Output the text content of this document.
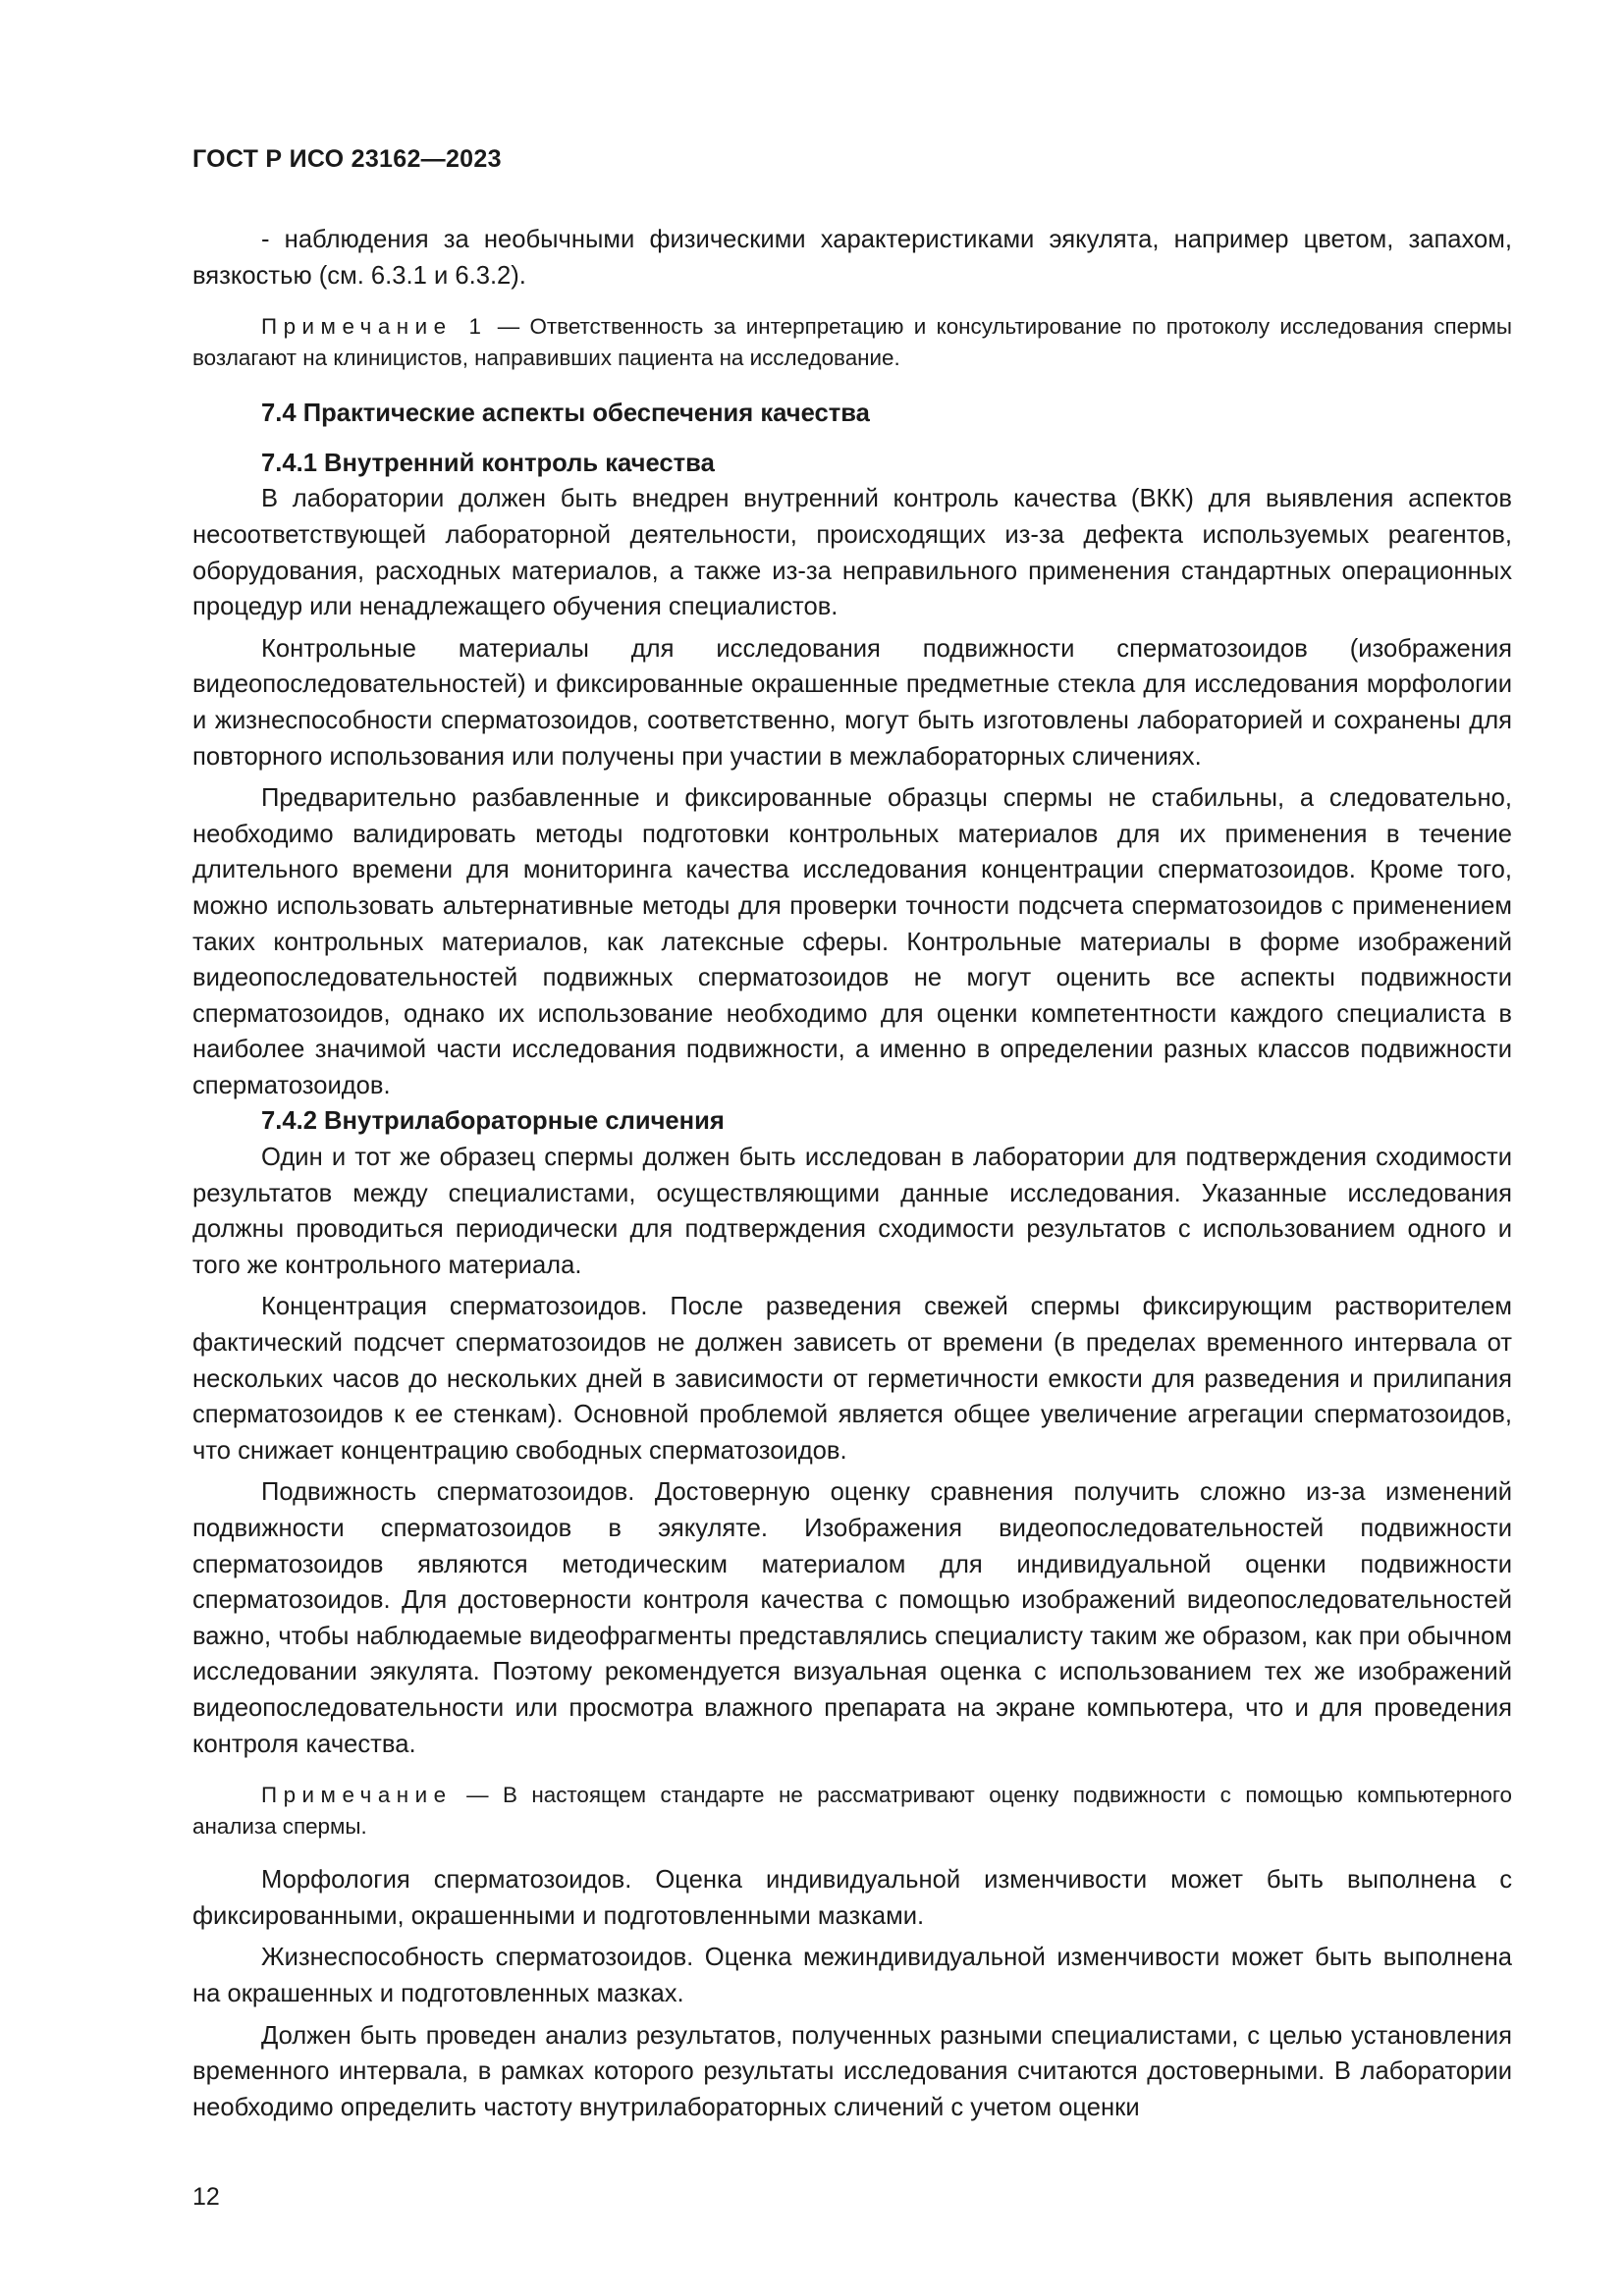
ГОСТ Р ИСО 23162—2023

- наблюдения за необычными физическими характеристиками эякулята, например цветом, запахом, вязкостью (см. 6.3.1 и 6.3.2).

Примечание 1 — Ответственность за интерпретацию и консультирование по протоколу исследования спермы возлагают на клиницистов, направивших пациента на исследование.

7.4 Практические аспекты обеспечения качества

7.4.1 Внутренний контроль качества

В лаборатории должен быть внедрен внутренний контроль качества (ВКК) для выявления аспектов несоответствующей лабораторной деятельности, происходящих из-за дефекта используемых реагентов, оборудования, расходных материалов, а также из-за неправильного применения стандартных операционных процедур или ненадлежащего обучения специалистов.

Контрольные материалы для исследования подвижности сперматозоидов (изображения видеопоследовательностей) и фиксированные окрашенные предметные стекла для исследования морфологии и жизнеспособности сперматозоидов, соответственно, могут быть изготовлены лабораторией и сохранены для повторного использования или получены при участии в межлабораторных сличениях.

Предварительно разбавленные и фиксированные образцы спермы не стабильны, а следовательно, необходимо валидировать методы подготовки контрольных материалов для их применения в течение длительного времени для мониторинга качества исследования концентрации сперматозоидов. Кроме того, можно использовать альтернативные методы для проверки точности подсчета сперматозоидов с применением таких контрольных материалов, как латексные сферы. Контрольные материалы в форме изображений видеопоследовательностей подвижных сперматозоидов не могут оценить все аспекты подвижности сперматозоидов, однако их использование необходимо для оценки компетентности каждого специалиста в наиболее значимой части исследования подвижности, а именно в определении разных классов подвижности сперматозоидов.

7.4.2 Внутрилабораторные сличения

Один и тот же образец спермы должен быть исследован в лаборатории для подтверждения сходимости результатов между специалистами, осуществляющими данные исследования. Указанные исследования должны проводиться периодически для подтверждения сходимости результатов с использованием одного и того же контрольного материала.

Концентрация сперматозоидов. После разведения свежей спермы фиксирующим растворителем фактический подсчет сперматозоидов не должен зависеть от времени (в пределах временного интервала от нескольких часов до нескольких дней в зависимости от герметичности емкости для разведения и прилипания сперматозоидов к ее стенкам). Основной проблемой является общее увеличение агрегации сперматозоидов, что снижает концентрацию свободных сперматозоидов.

Подвижность сперматозоидов. Достоверную оценку сравнения получить сложно из-за изменений подвижности сперматозоидов в эякуляте. Изображения видеопоследовательностей подвижности сперматозоидов являются методическим материалом для индивидуальной оценки подвижности сперматозоидов. Для достоверности контроля качества с помощью изображений видеопоследовательностей важно, чтобы наблюдаемые видеофрагменты представлялись специалисту таким же образом, как при обычном исследовании эякулята. Поэтому рекомендуется визуальная оценка с использованием тех же изображений видеопоследовательности или просмотра влажного препарата на экране компьютера, что и для проведения контроля качества.

Примечание — В настоящем стандарте не рассматривают оценку подвижности с помощью компьютерного анализа спермы.

Морфология сперматозоидов. Оценка индивидуальной изменчивости может быть выполнена с фиксированными, окрашенными и подготовленными мазками.

Жизнеспособность сперматозоидов. Оценка межиндивидуальной изменчивости может быть выполнена на окрашенных и подготовленных мазках.

Должен быть проведен анализ результатов, полученных разными специалистами, с целью установления временного интервала, в рамках которого результаты исследования считаются достоверными. В лаборатории необходимо определить частоту внутрилабораторных сличений с учетом оценки

12
